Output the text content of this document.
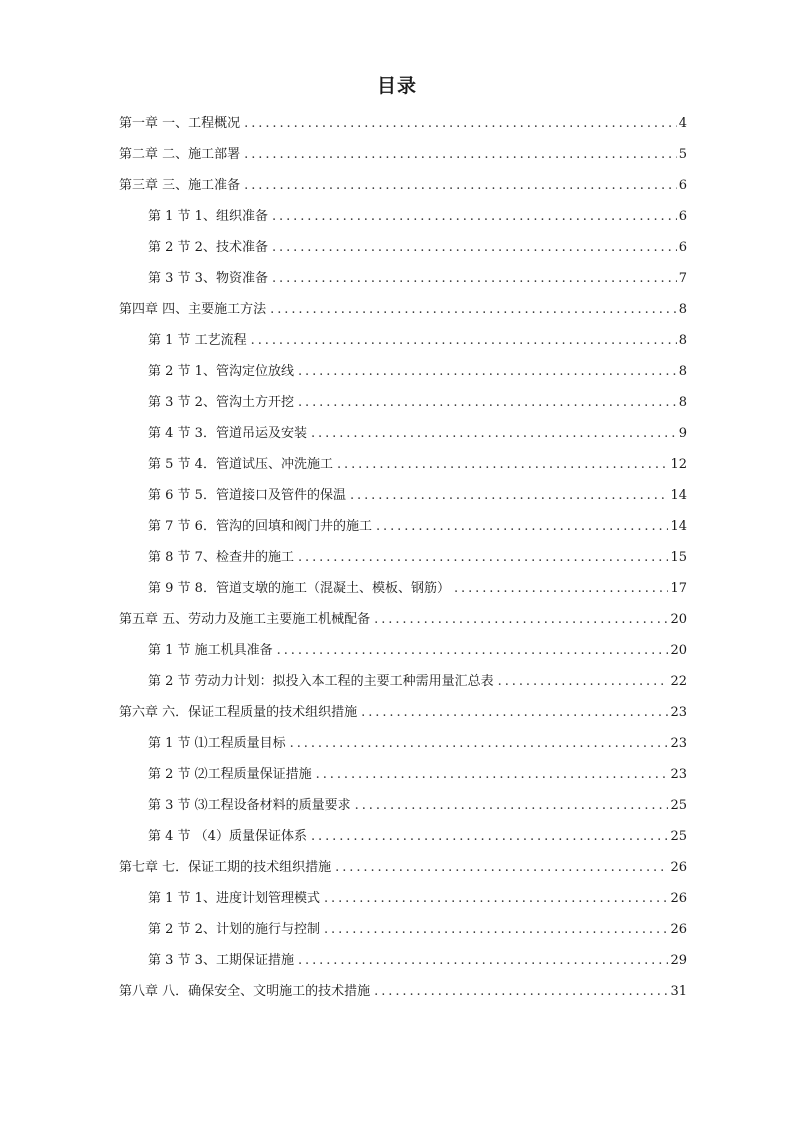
目录
第一章 一、工程概况 . . .	4
第二章 二、施工部署 . . .	5
第三章 三、施工准备 . . .	6
第 1 节 1、组织准备 . . .	6
第 2 节 2、技术准备 . . .	6
第 3 节 3、物资准备 . . .	7
第四章 四、主要施工方法 . . .	8
第 1 节 工艺流程 . . .	8
第 2 节 1、管沟定位放线 . . .	8
第 3 节 2、管沟土方开挖 . . .	8
第 4 节 3．管道吊运及安装 . . .	9
第 5 节 4．管道试压、冲洗施工 . . .	12
第 6 节 5．管道接口及管件的保温 . . .	14
第 7 节 6．管沟的回填和阀门井的施工 . . .	14
第 8 节 7、检查井的施工 . . .	15
第 9 节 8．管道支墩的施工（混凝土、模板、钢筋） . . .	17
第五章 五、劳动力及施工主要施工机械配备 . . .	20
第 1 节 施工机具准备 . . .	20
第 2 节 劳动力计划：拟投入本工程的主要工种需用量汇总表 . . .	22
第六章 六．保证工程质量的技术组织措施 . . .	23
第 1 节 ⑴工程质量目标 . . .	23
第 2 节 ⑵工程质量保证措施 . . .	23
第 3 节 ⑶工程设备材料的质量要求 . . .	25
第 4 节 （4）质量保证体系 . . .	25
第七章 七．保证工期的技术组织措施 . . .	26
第 1 节 1、进度计划管理模式 . . .	26
第 2 节 2、计划的施行与控制 . . .	26
第 3 节 3、工期保证措施 . . .	29
第八章 八．确保安全、文明施工的技术措施 . . .	31
